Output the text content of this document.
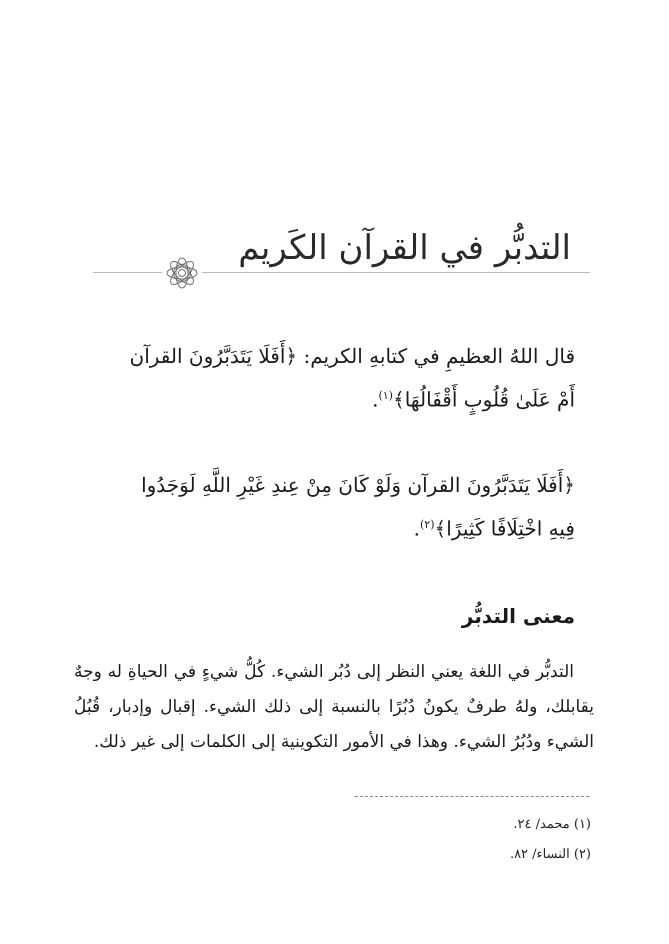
التدبُّر في القرآن الكَريم
قال اللهُ العظيمِ في كتابهِ الكريم: ﴿أَفَلَا يَتَدَبَّرُونَ القرآن
أَمْ عَلَىٰ قُلُوبٍ أَقْفَالُهَا﴾$^{(١)}$.
﴿أَفَلَا يَتَدَبَّرُونَ القرآن وَلَوْ كَانَ مِنْ عِندِ غَيْرِ اللَّهِ لَوَجَدُوا
فِيهِ اخْتِلَافًا كَثِيرًا﴾$^{(٢)}$.
معنى التدبُّر

التدبُّر في اللغة يعني النظر إلى دُبُر الشيء. كُلُّ شيءٍ في الحياةِ له وجهٌ يقابلك، ولهُ طرفٌ يكونُ دُبُرًا بالنسبة إلى ذلك الشيء. إقبال وإدبار، قُبُلُ الشيء ودُبُرُ الشيء. وهذا في الأمور التكوينية إلى الكلمات إلى غير ذلك.

(١) محمد/ ٢٤.
(٢) النساء/ ٨٢.
